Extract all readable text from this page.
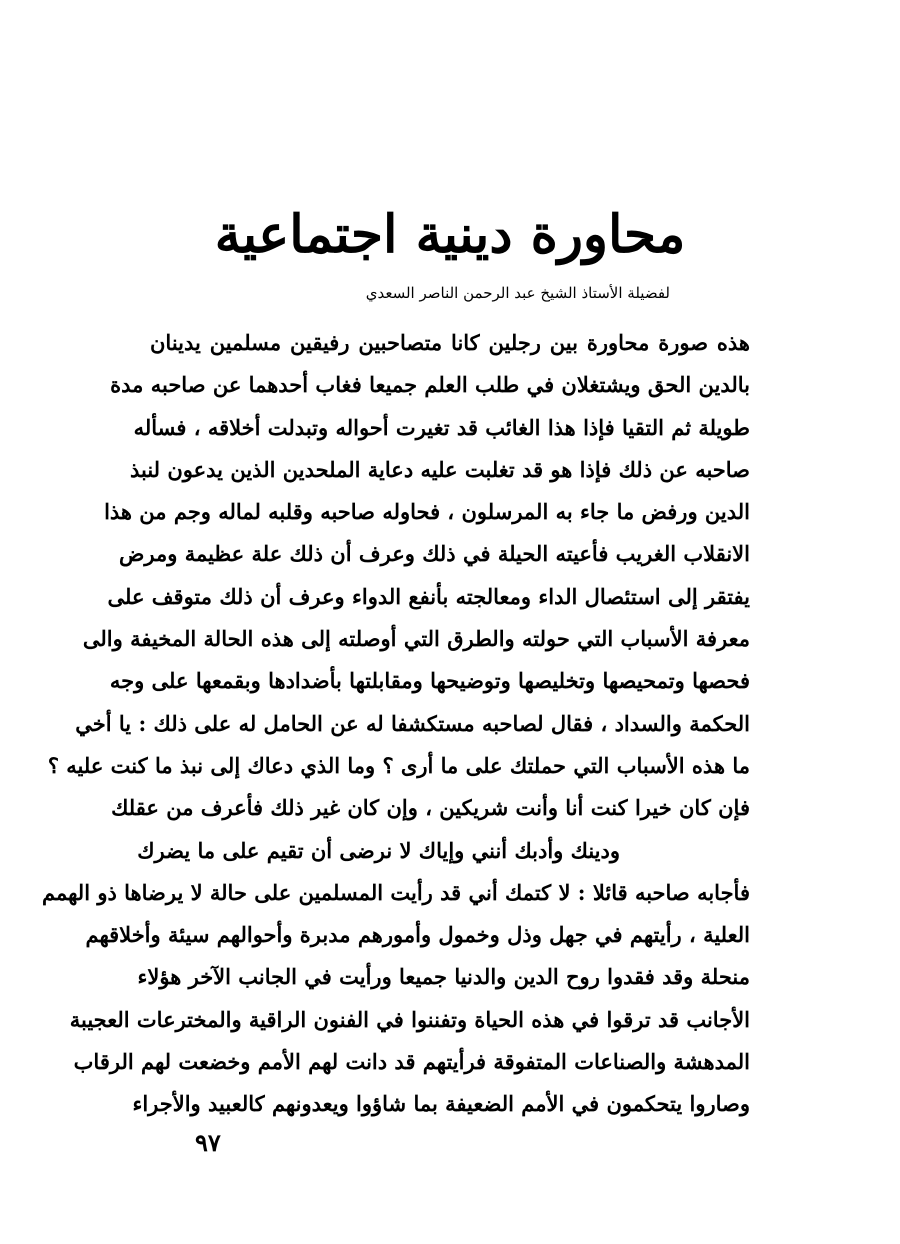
محاورة دينية اجتماعية
لفضيلة الأستاذ الشيخ عبد الرحمن الناصر السعدي
هذه صورة محاورة بين رجلين كانا متصاحبين رفيقين مسلمين يدينان
بالدين الحق ويشتغلان في طلب العلم جميعا فغاب أحدهما عن صاحبه مدة
طويلة ثم التقيا فإذا هذا الغائب قد تغيرت أحواله وتبدلت أخلاقه ، فسأله
صاحبه عن ذلك فإذا هو قد تغلبت عليه دعاية الملحدين الذين يدعون لنبذ
الدين ورفض ما جاء به المرسلون ، فحاوله صاحبه وقلبه لماله وجم من هذا
الانقلاب الغريب فأعيته الحيلة في ذلك وعرف أن ذلك علة عظيمة ومرض
يفتقر إلى استئصال الداء ومعالجته بأنفع الدواء وعرف أن ذلك متوقف على
معرفة الأسباب التي حولته والطرق التي أوصلته إلى هذه الحالة المخيفة والى
فحصها وتمحيصها وتخليصها وتوضيحها ومقابلتها بأضدادها وبقمعها على وجه
الحكمة والسداد ، فقال لصاحبه مستكشفا له عن الحامل له على ذلك : يا أخي
ما هذه الأسباب التي حملتك على ما أرى ؟ وما الذي دعاك إلى نبذ ما كنت عليه ؟
فإن كان خيرا كنت أنا وأنت شريكين ، وإن كان غير ذلك فأعرف من عقلك
ودينك وأدبك أنني وإياك لا نرضى أن تقيم على ما يضرك
فأجابه صاحبه قائلا : لا كتمك أني قد رأيت المسلمين على حالة لا يرضاها ذو الهمم
العلية ، رأيتهم في جهل وذل وخمول وأمورهم مدبرة وأحوالهم سيئة وأخلاقهم
منحلة وقد فقدوا روح الدين والدنيا جميعا ورأيت في الجانب الآخر هؤلاء
الأجانب قد ترقوا في هذه الحياة وتفننوا في الفنون الراقية والمخترعات العجيبة
المدهشة والصناعات المتفوقة فرأيتهم قد دانت لهم الأمم وخضعت لهم الرقاب
وصاروا يتحكمون في الأمم الضعيفة بما شاؤوا ويعدونهم كالعبيد والأجراء
٩٧
